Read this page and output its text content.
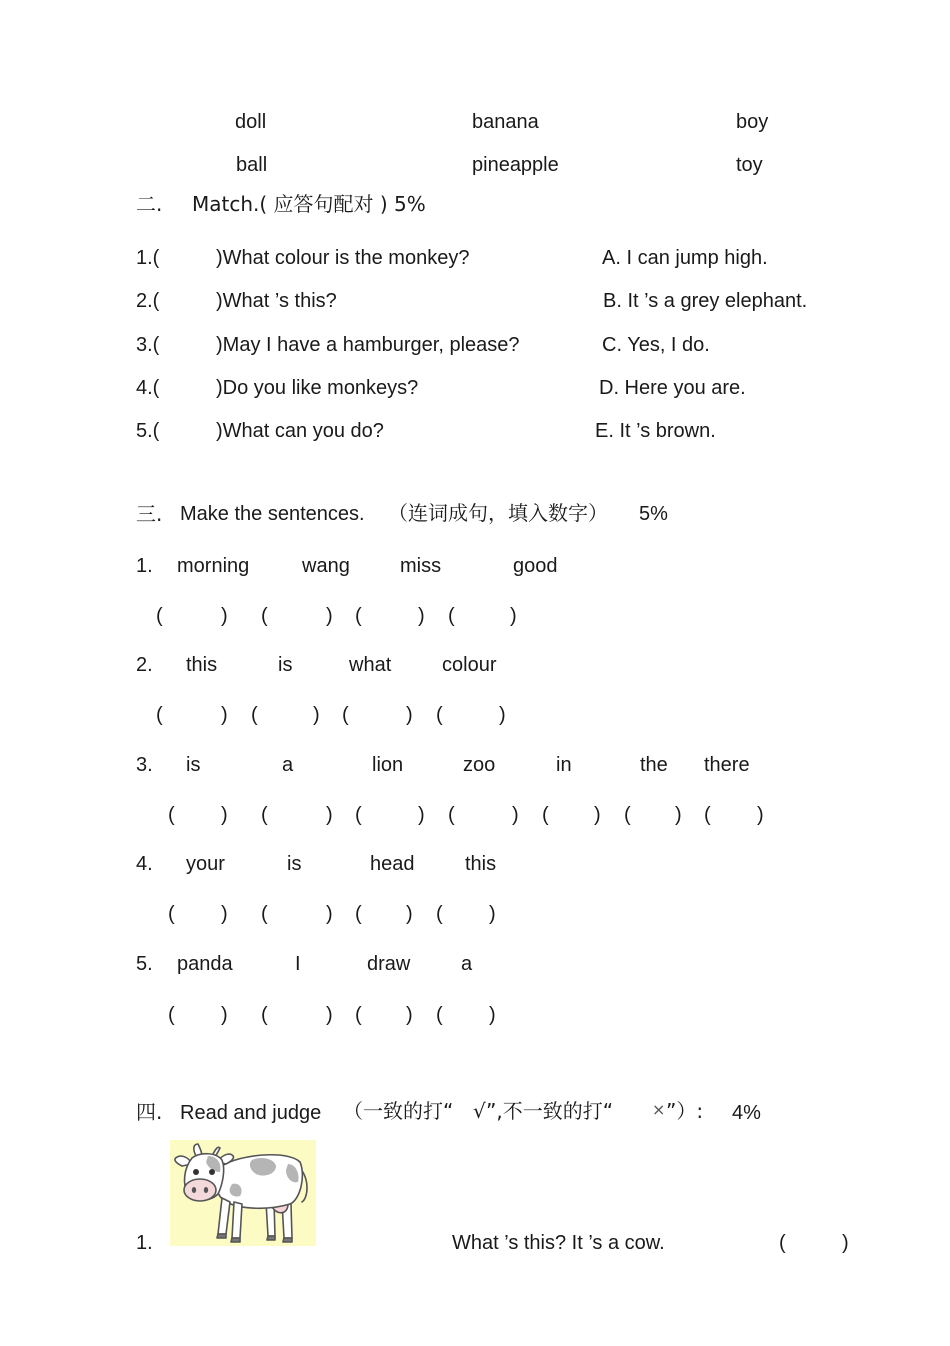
doll	banana	boy
ball	pineapple	toy
二. Match.( 应答句配对 ) 5%
1.(	)What colour is the monkey?	A. I can jump high.
2.(	)What ’s this?	B. It ’s a grey elephant.
3.(	)May I have a hamburger, please?	C. Yes, I do.
4.(	)Do you like monkeys?	D. Here you are.
5.(	)What can you do?	E. It ’s brown.
三. Make the sentences. （连词成句，填入数字） 5%
1. morning	wang	miss	good
(	) (	) (	) (	)
2. this	is	what	colour
(	) (	) (	) (	)
3. is	a	lion	zoo	in	the there
( ) (	) (	) (	) ( ) ( ) ( )
4. your	is	head	this
( ) (	) ( ) ( )
5. panda	I	draw	a
( ) (	) ( ) ( )
四. Read and judge （一致的打“ √ ”,不一致的打“ × ”）: 4%
1.	What ’s this? It ’s a cow.	(	)
